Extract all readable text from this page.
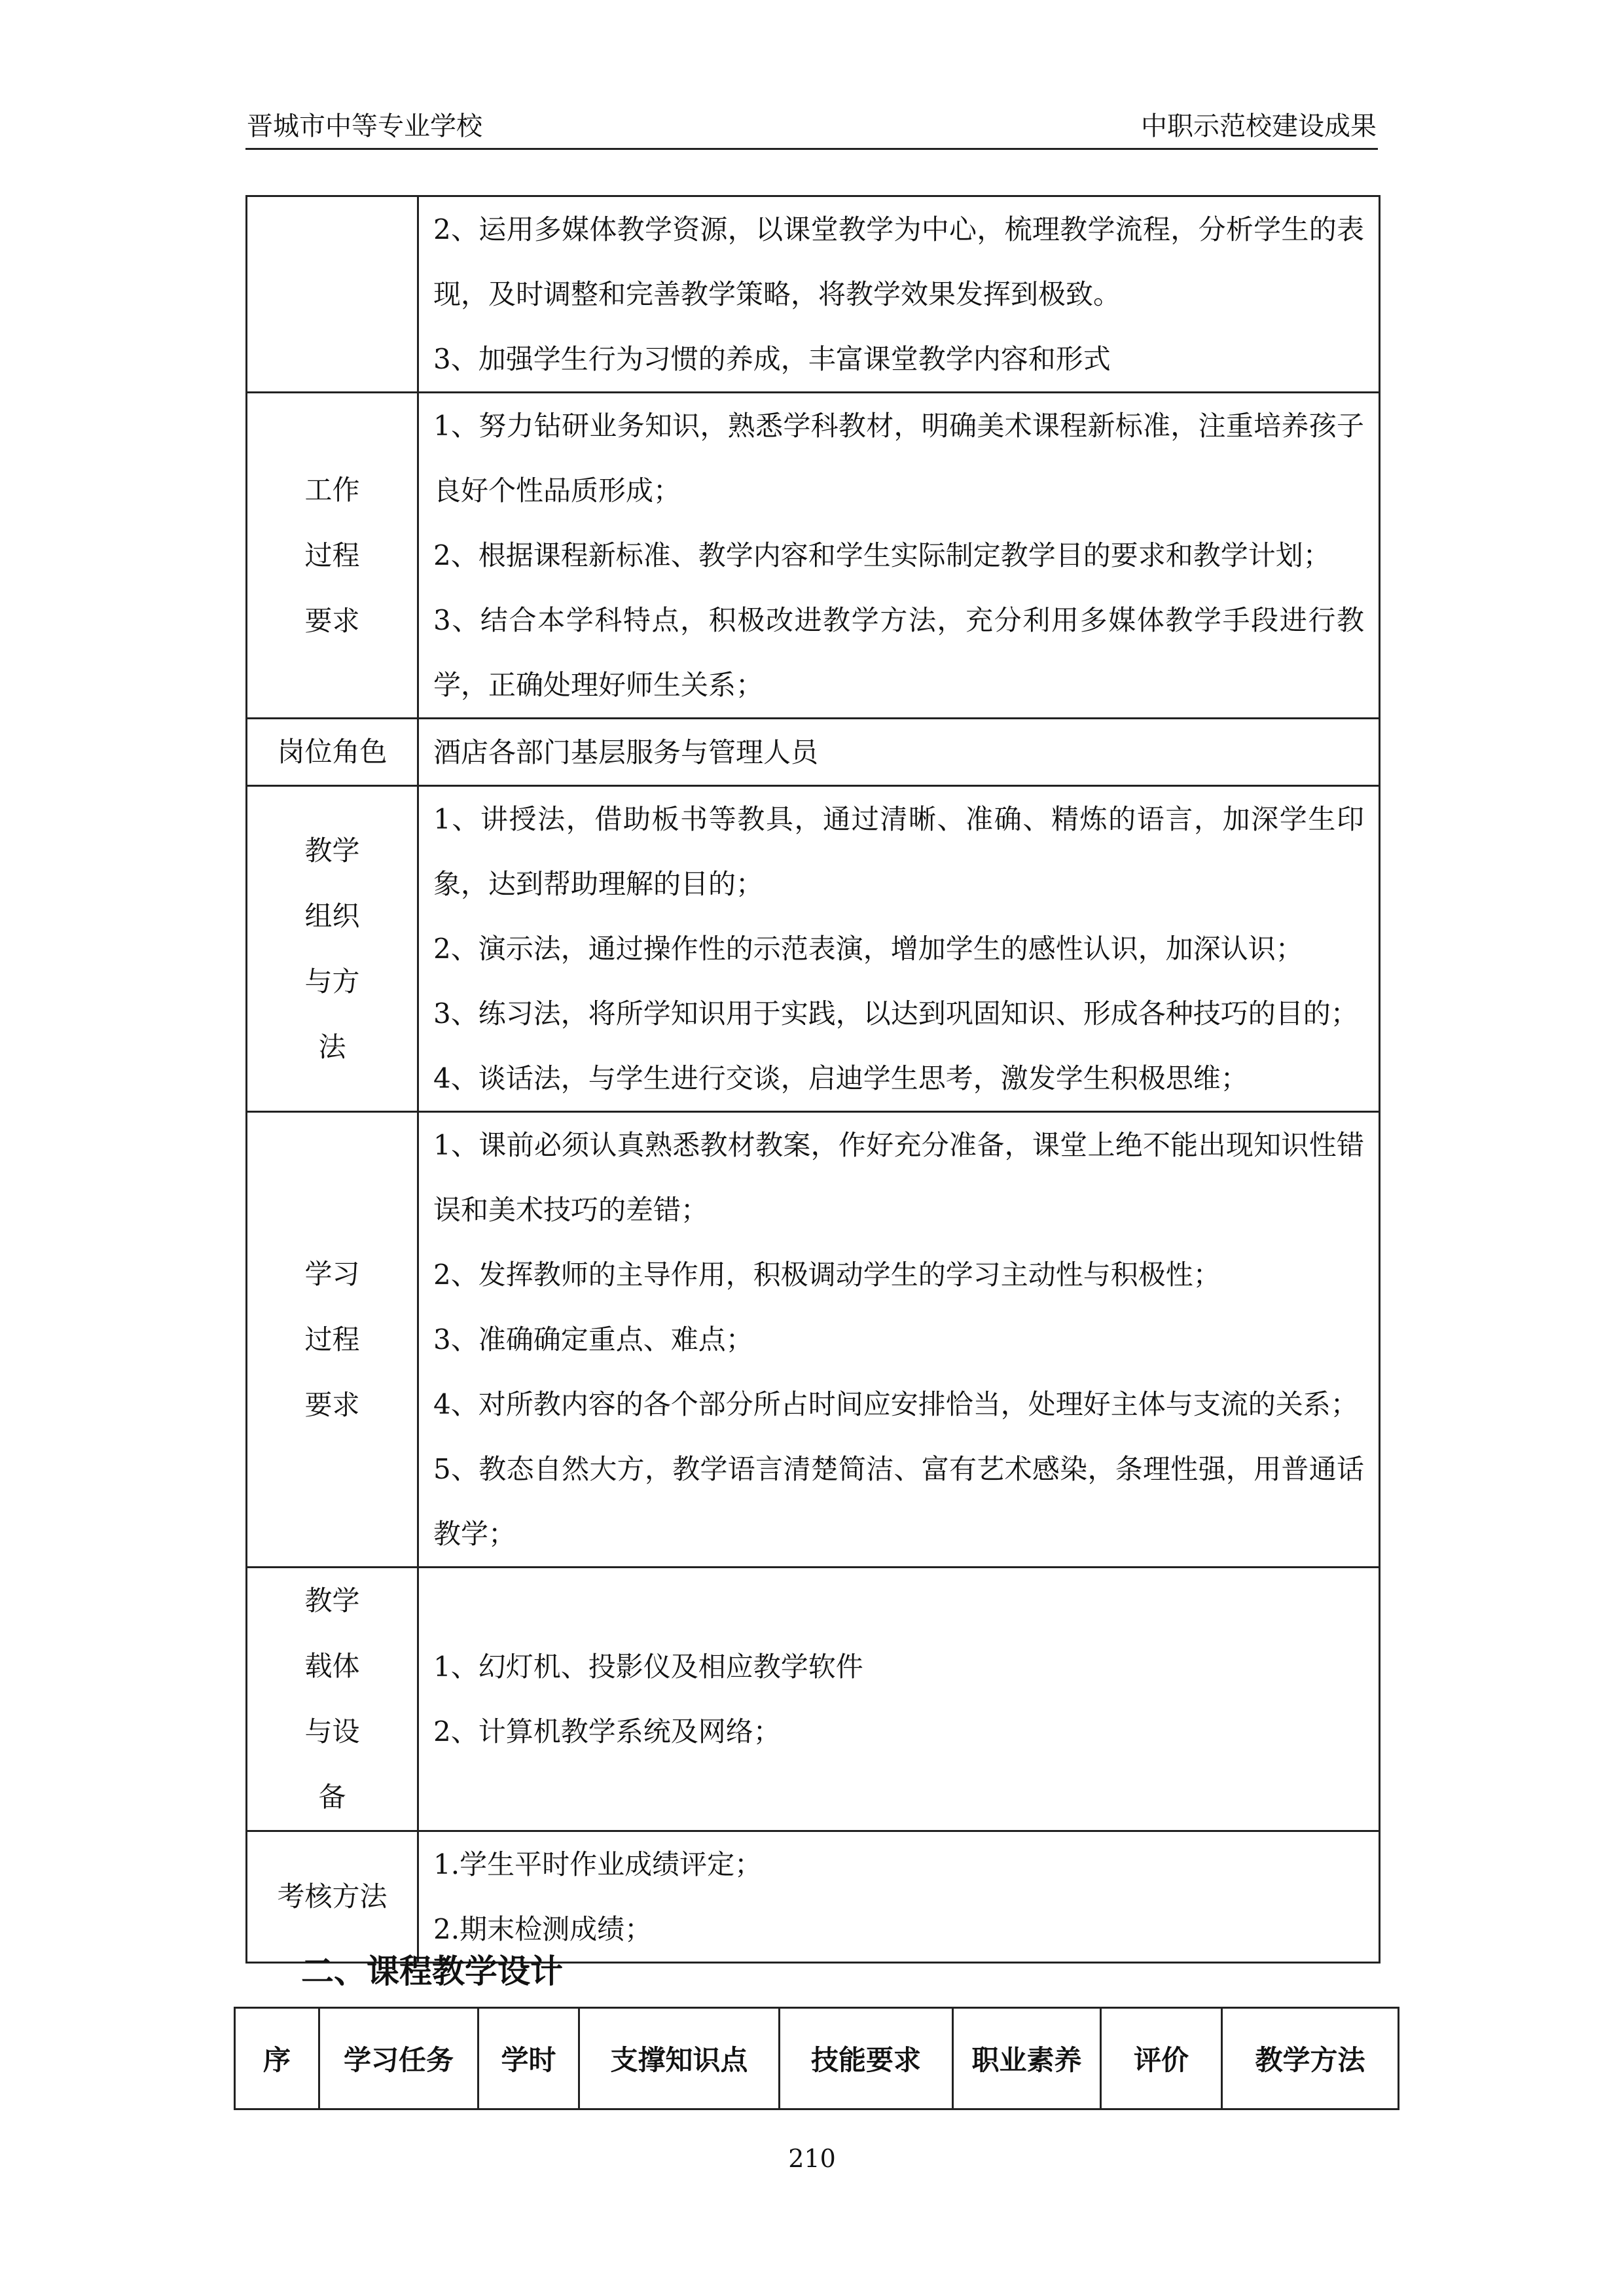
晋城市中等专业学校	中职示范校建设成果

	2、运用多媒体教学资源，以课堂教学为中心，梳理教学流程，分析学生的表现，及时调整和完善教学策略，将教学效果发挥到极致。
3、加强学生行为习惯的养成，丰富课堂教学内容和形式

工作过程要求	1、努力钻研业务知识，熟悉学科教材，明确美术课程新标准，注重培养孩子良好个性品质形成；
2、根据课程新标准、教学内容和学生实际制定教学目的要求和教学计划；
3、结合本学科特点，积极改进教学方法，充分利用多媒体教学手段进行教学，正确处理好师生关系；

岗位角色	酒店各部门基层服务与管理人员

教学组织与方法	1、讲授法，借助板书等教具，通过清晰、准确、精炼的语言，加深学生印象，达到帮助理解的目的；
2、演示法，通过操作性的示范表演，增加学生的感性认识，加深认识；
3、练习法，将所学知识用于实践，以达到巩固知识、形成各种技巧的目的；
4、谈话法，与学生进行交谈，启迪学生思考，激发学生积极思维；

学习过程要求	1、课前必须认真熟悉教材教案，作好充分准备，课堂上绝不能出现知识性错误和美术技巧的差错；
2、发挥教师的主导作用，积极调动学生的学习主动性与积极性；
3、准确确定重点、难点；
4、对所教内容的各个部分所占时间应安排恰当，处理好主体与支流的关系；
5、教态自然大方，教学语言清楚简洁、富有艺术感染，条理性强，用普通话教学；

教学载体与设备	1、幻灯机、投影仪及相应教学软件
2、计算机教学系统及网络；

考核方法	1.学生平时作业成绩评定；
2.期末检测成绩；
二、课程教学设计
序	学习任务	学时	支撑知识点	技能要求	职业素养	评价	教学方法
210
